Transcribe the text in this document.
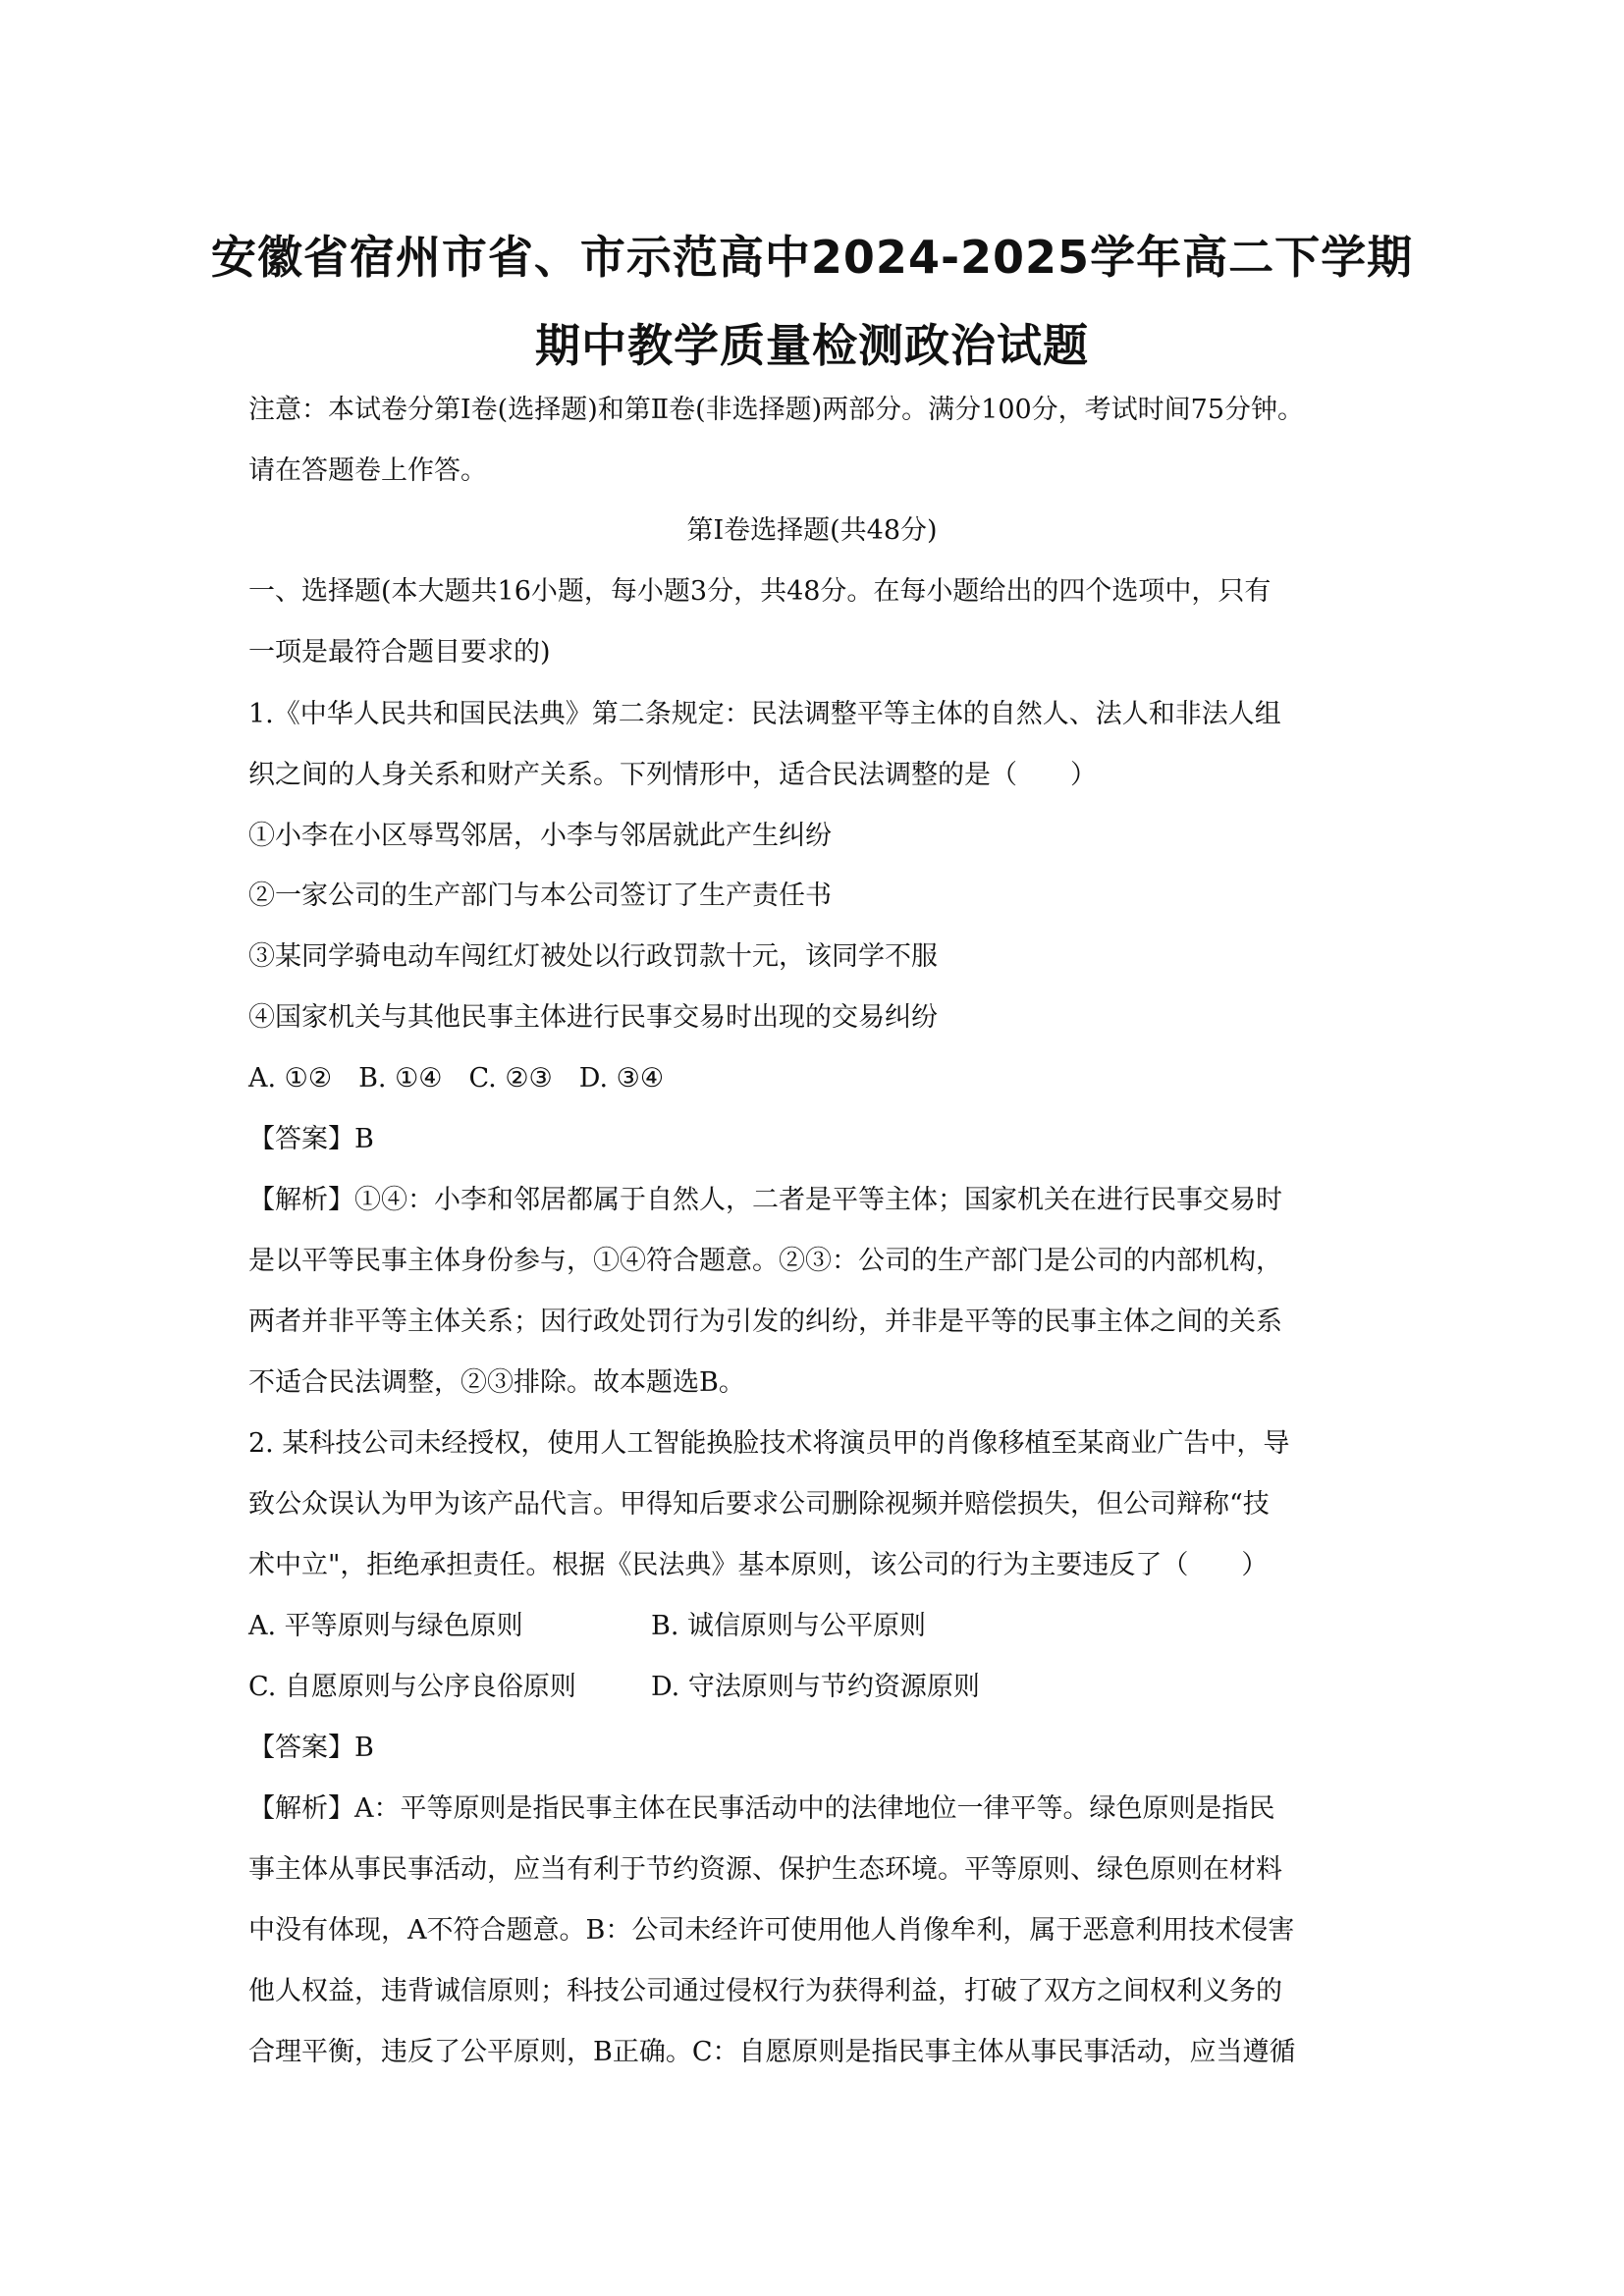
安徽省宿州市省、市示范高中2024-2025学年高二下学期
期中教学质量检测政治试题
注意：本试卷分第Ⅰ卷(选择题)和第Ⅱ卷(非选择题)两部分。满分100分，考试时间75分钟。
请在答题卷上作答。
第Ⅰ卷选择题(共48分)
一、选择题(本大题共16小题，每小题3分，共48分。在每小题给出的四个选项中，只有
一项是最符合题目要求的)
1.《中华人民共和国民法典》第二条规定：民法调整平等主体的自然人、法人和非法人组
织之间的人身关系和财产关系。下列情形中，适合民法调整的是（　　）
①小李在小区辱骂邻居，小李与邻居就此产生纠纷
②一家公司的生产部门与本公司签订了生产责任书
③某同学骑电动车闯红灯被处以行政罚款十元，该同学不服
④国家机关与其他民事主体进行民事交易时出现的交易纠纷
A. ①②　B. ①④　C. ②③　D. ③④
【答案】B
【解析】①④：小李和邻居都属于自然人，二者是平等主体；国家机关在进行民事交易时
是以平等民事主体身份参与，①④符合题意。②③：公司的生产部门是公司的内部机构，
两者并非平等主体关系；因行政处罚行为引发的纠纷，并非是平等的民事主体之间的关系
不适合民法调整，②③排除。故本题选B。
2. 某科技公司未经授权，使用人工智能换脸技术将演员甲的肖像移植至某商业广告中，导
致公众误认为甲为该产品代言。甲得知后要求公司删除视频并赔偿损失，但公司辩称“技
术中立"，拒绝承担责任。根据《民法典》基本原则，该公司的行为主要违反了（　　）
A. 平等原则与绿色原则	B. 诚信原则与公平原则
C. 自愿原则与公序良俗原则	D. 守法原则与节约资源原则
【答案】B
【解析】A：平等原则是指民事主体在民事活动中的法律地位一律平等。绿色原则是指民
事主体从事民事活动，应当有利于节约资源、保护生态环境。平等原则、绿色原则在材料
中没有体现，A不符合题意。B：公司未经许可使用他人肖像牟利，属于恶意利用技术侵害
他人权益，违背诚信原则；科技公司通过侵权行为获得利益，打破了双方之间权利义务的
合理平衡，违反了公平原则，B正确。C：自愿原则是指民事主体从事民事活动，应当遵循
